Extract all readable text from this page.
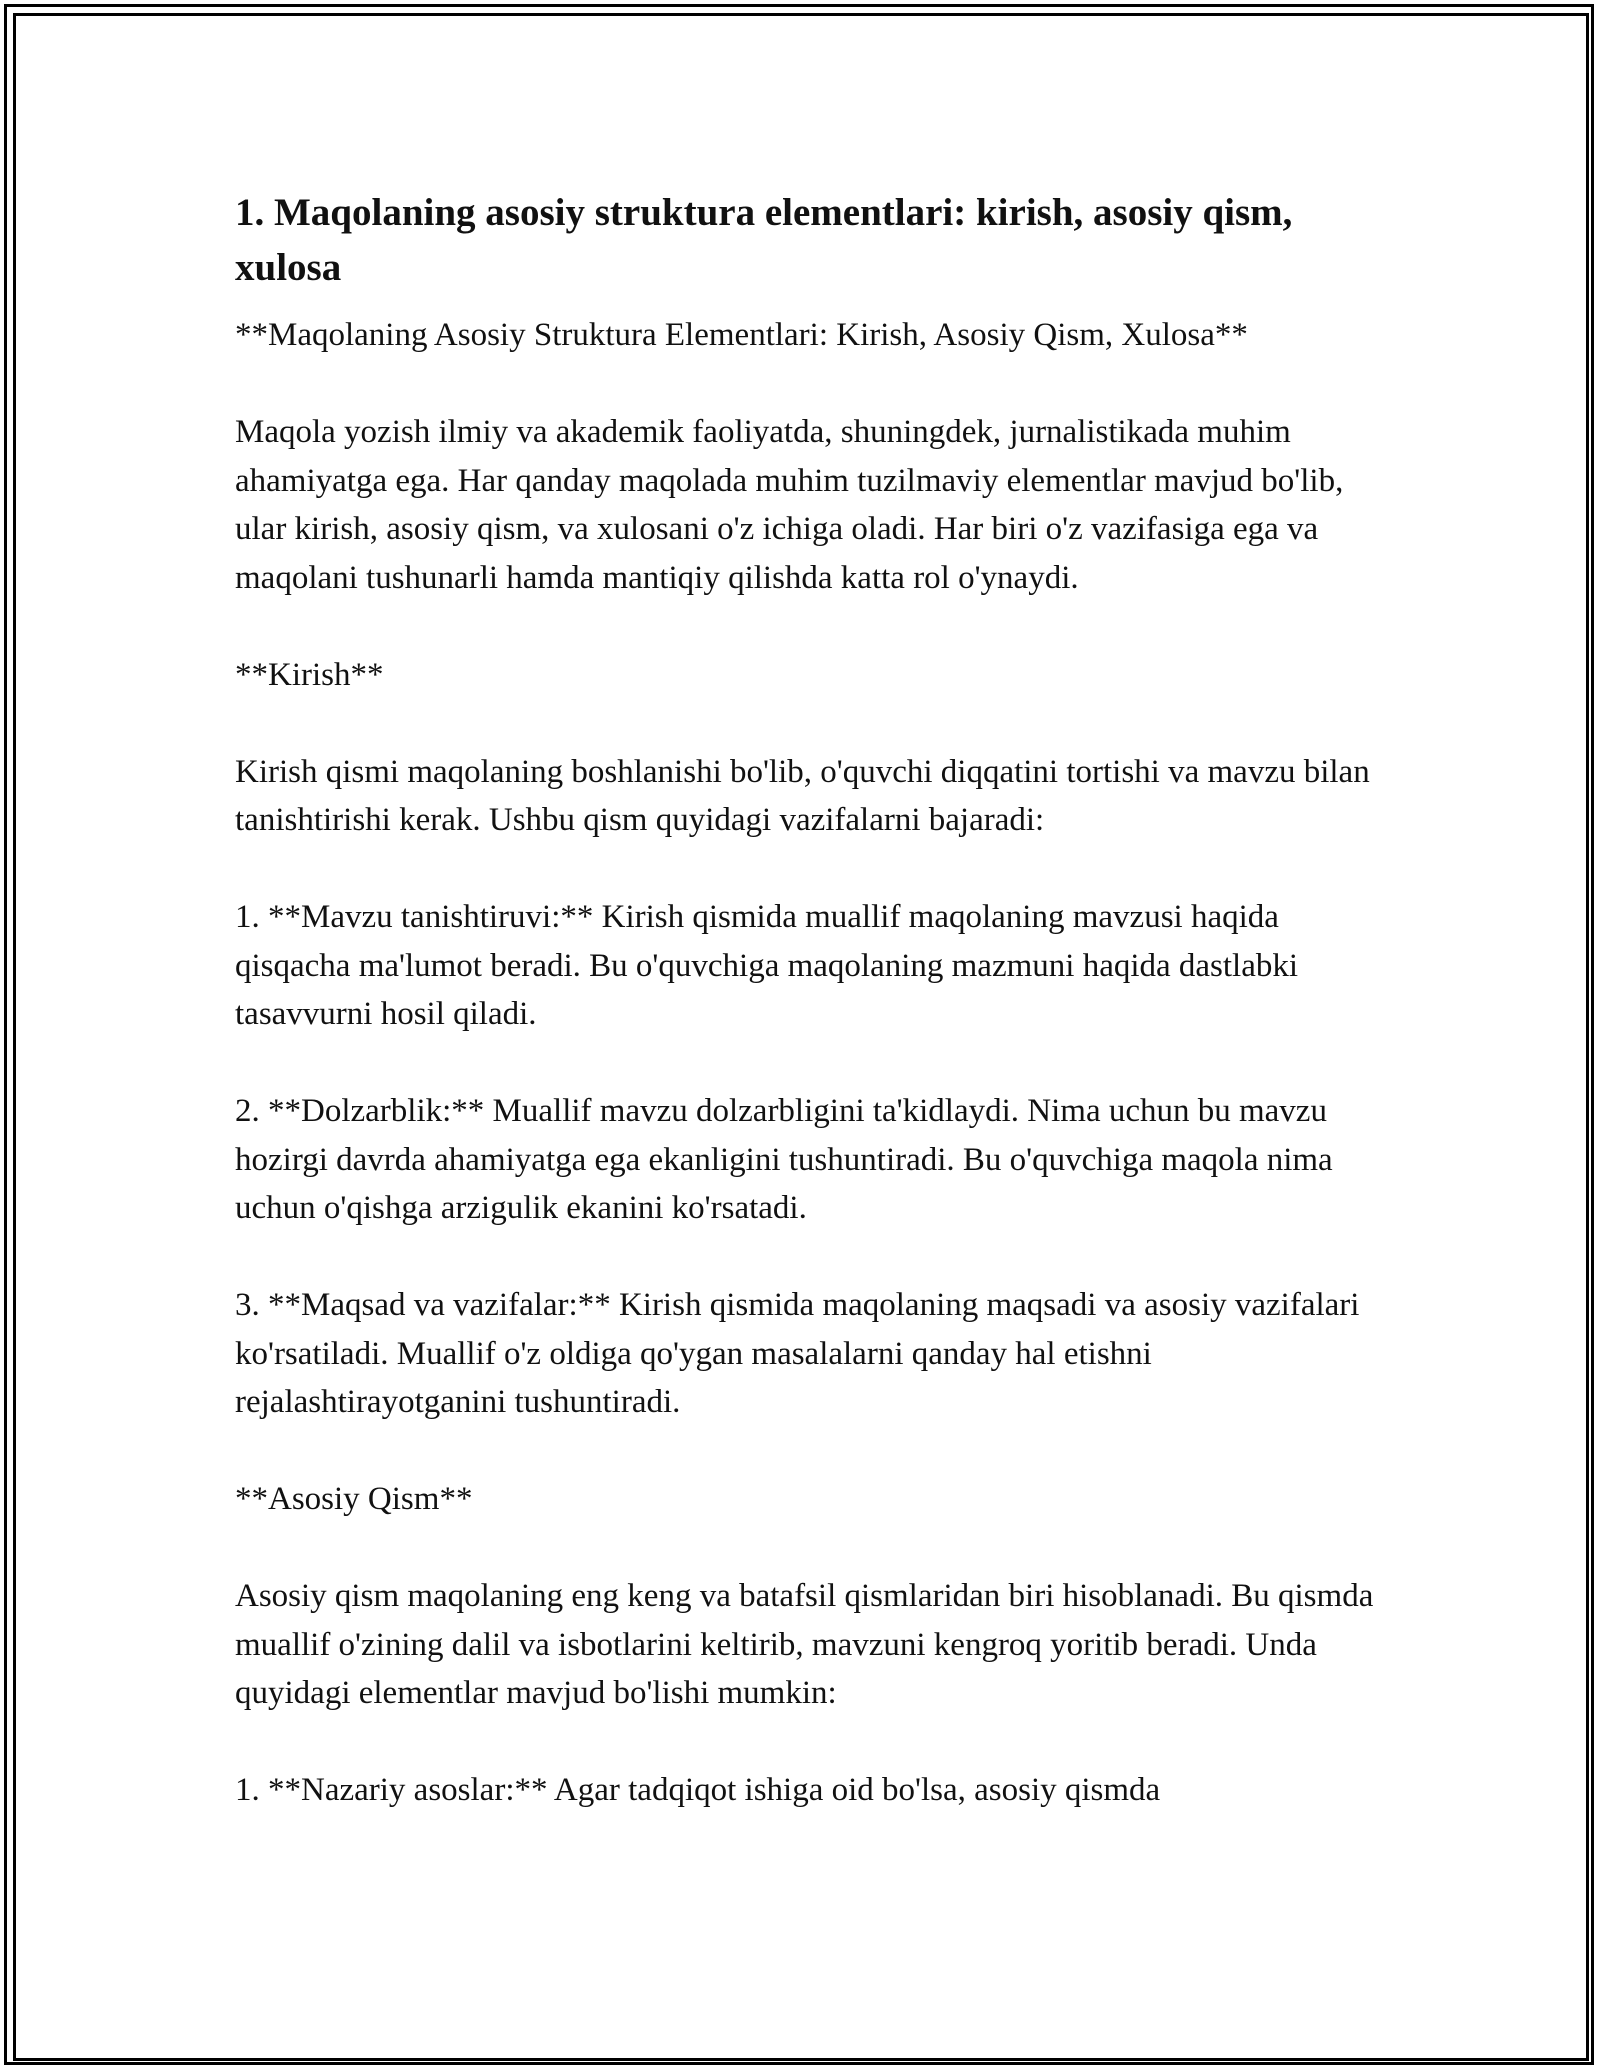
1. Maqolaning asosiy struktura elementlari: kirish, asosiy qism, xulosa

**Maqolaning Asosiy Struktura Elementlari: Kirish, Asosiy Qism, Xulosa**

Maqola yozish ilmiy va akademik faoliyatda, shuningdek, jurnalistikada muhim ahamiyatga ega. Har qanday maqolada muhim tuzilmaviy elementlar mavjud bo'lib, ular kirish, asosiy qism, va xulosani o'z ichiga oladi. Har biri o'z vazifasiga ega va maqolani tushunarli hamda mantiqiy qilishda katta rol o'ynaydi.

**Kirish**

Kirish qismi maqolaning boshlanishi bo'lib, o'quvchi diqqatini tortishi va mavzu bilan tanishtirishi kerak. Ushbu qism quyidagi vazifalarni bajaradi:

1. **Mavzu tanishtiruvi:** Kirish qismida muallif maqolaning mavzusi haqida qisqacha ma'lumot beradi. Bu o'quvchiga maqolaning mazmuni haqida dastlabki tasavvurni hosil qiladi.

2. **Dolzarblik:** Muallif mavzu dolzarbligini ta'kidlaydi. Nima uchun bu mavzu hozirgi davrda ahamiyatga ega ekanligini tushuntiradi. Bu o'quvchiga maqola nima uchun o'qishga arzigulik ekanini ko'rsatadi.

3. **Maqsad va vazifalar:** Kirish qismida maqolaning maqsadi va asosiy vazifalari ko'rsatiladi. Muallif o'z oldiga qo'ygan masalalarni qanday hal etishni rejalashtirayotganini tushuntiradi.

**Asosiy Qism**

Asosiy qism maqolaning eng keng va batafsil qismlaridan biri hisoblanadi. Bu qismda muallif o'zining dalil va isbotlarini keltirib, mavzuni kengroq yoritib beradi. Unda quyidagi elementlar mavjud bo'lishi mumkin:

1. **Nazariy asoslar:** Agar tadqiqot ishiga oid bo'lsa, asosiy qismda
